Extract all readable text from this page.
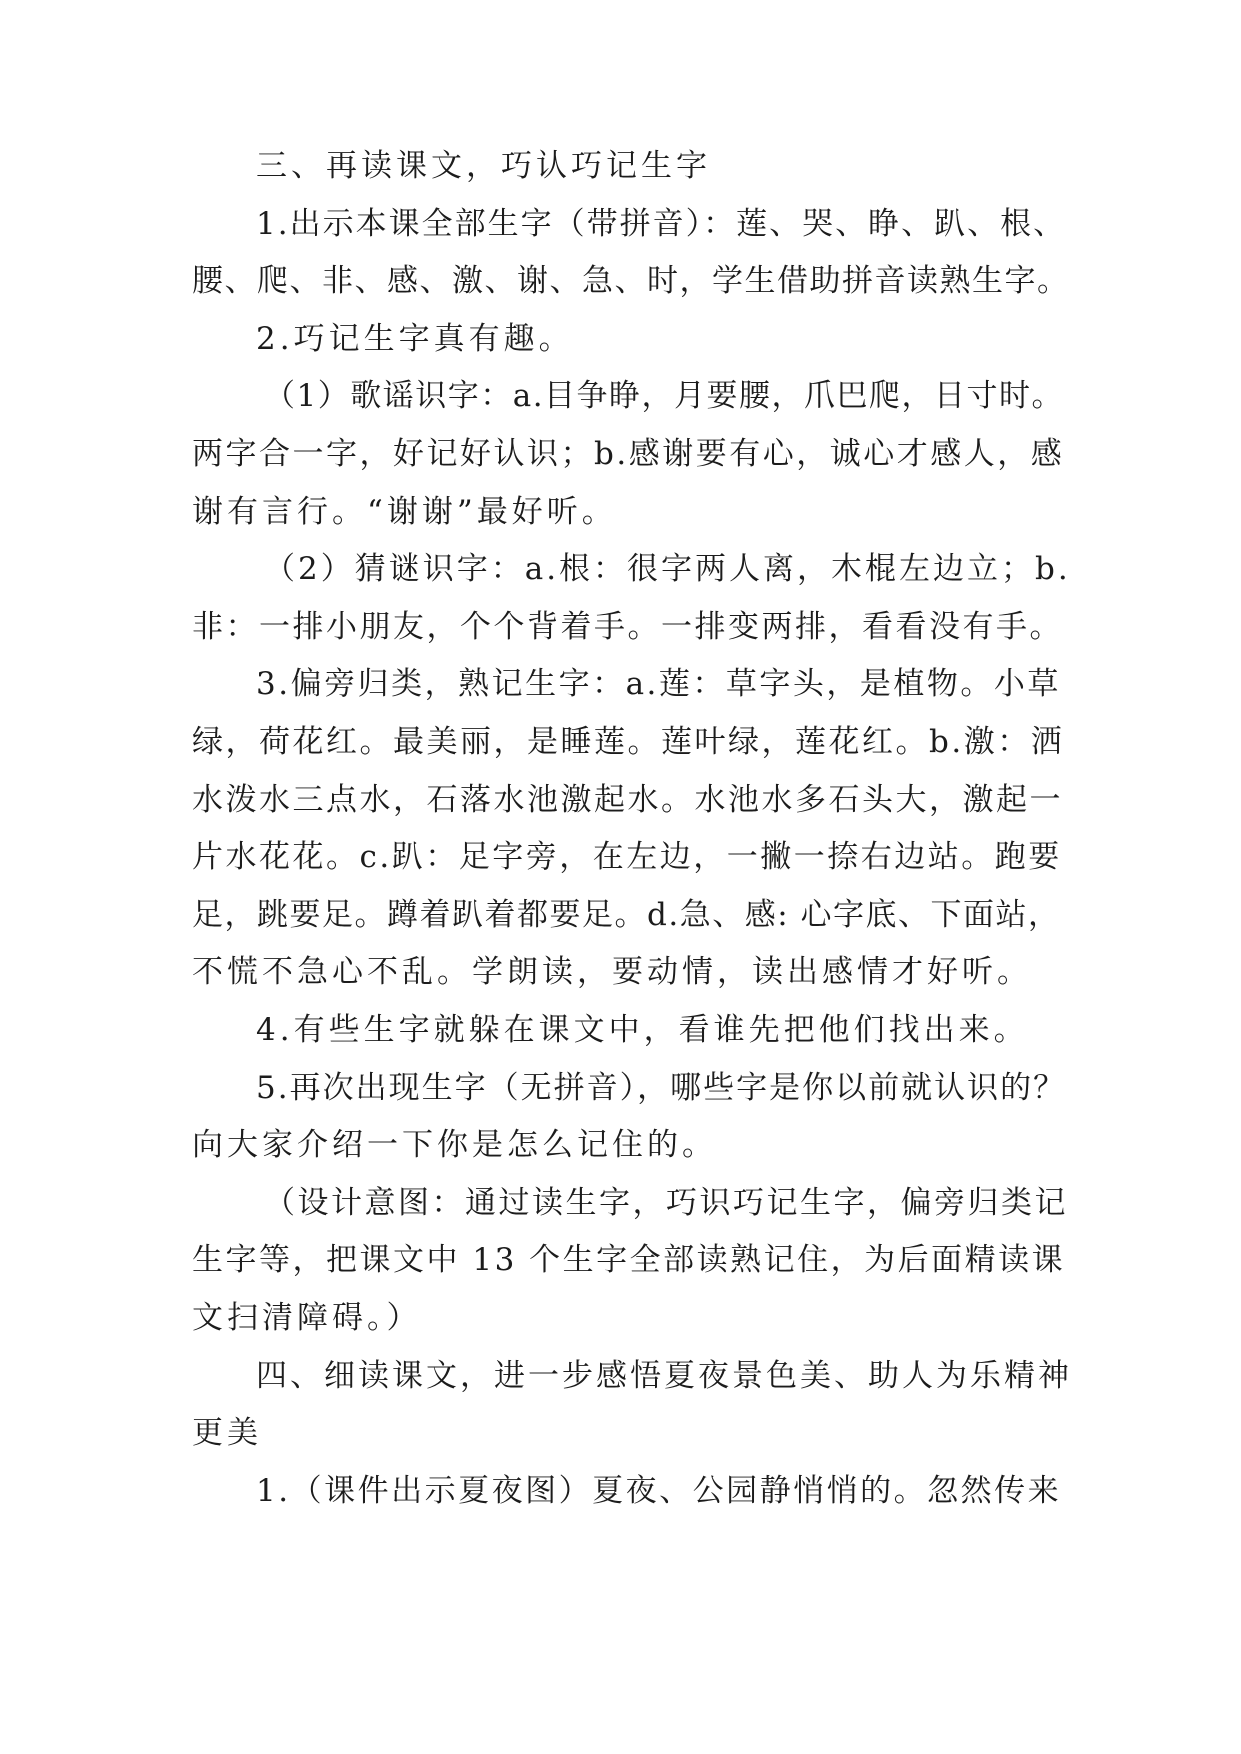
三、再读课文，巧认巧记生字
1.出示本课全部生字（带拼音）：莲、哭、睁、趴、根、
腰、爬、非、感、激、谢、急、时，学生借助拼音读熟生字。
2.巧记生字真有趣。
（1）歌谣识字：a.目争睁，月要腰，爪巴爬，日寸时。
两字合一字，好记好认识；b.感谢要有心，诚心才感人，感
谢有言行。“谢谢”最好听。
（2）猜谜识字：a.根：很字两人离，木棍左边立；b.
非：一排小朋友，个个背着手。一排变两排，看看没有手。
3.偏旁归类，熟记生字：a.莲：草字头，是植物。小草
绿，荷花红。最美丽，是睡莲。莲叶绿，莲花红。b.激：洒
水泼水三点水，石落水池激起水。水池水多石头大，激起一
片水花花。c.趴：足字旁，在左边，一撇一捺右边站。跑要
足，跳要足。蹲着趴着都要足。d.急、感: 心字底、下面站，
不慌不急心不乱。学朗读，要动情，读出感情才好听。
4.有些生字就躲在课文中，看谁先把他们找出来。
5.再次出现生字（无拼音），哪些字是你以前就认识的？
向大家介绍一下你是怎么记住的。
（设计意图：通过读生字，巧识巧记生字，偏旁归类记
生字等，把课文中 13 个生字全部读熟记住，为后面精读课
文扫清障碍。）
四、细读课文，进一步感悟夏夜景色美、助人为乐精神
更美
1.（课件出示夏夜图）夏夜、公园静悄悄的。忽然传来
